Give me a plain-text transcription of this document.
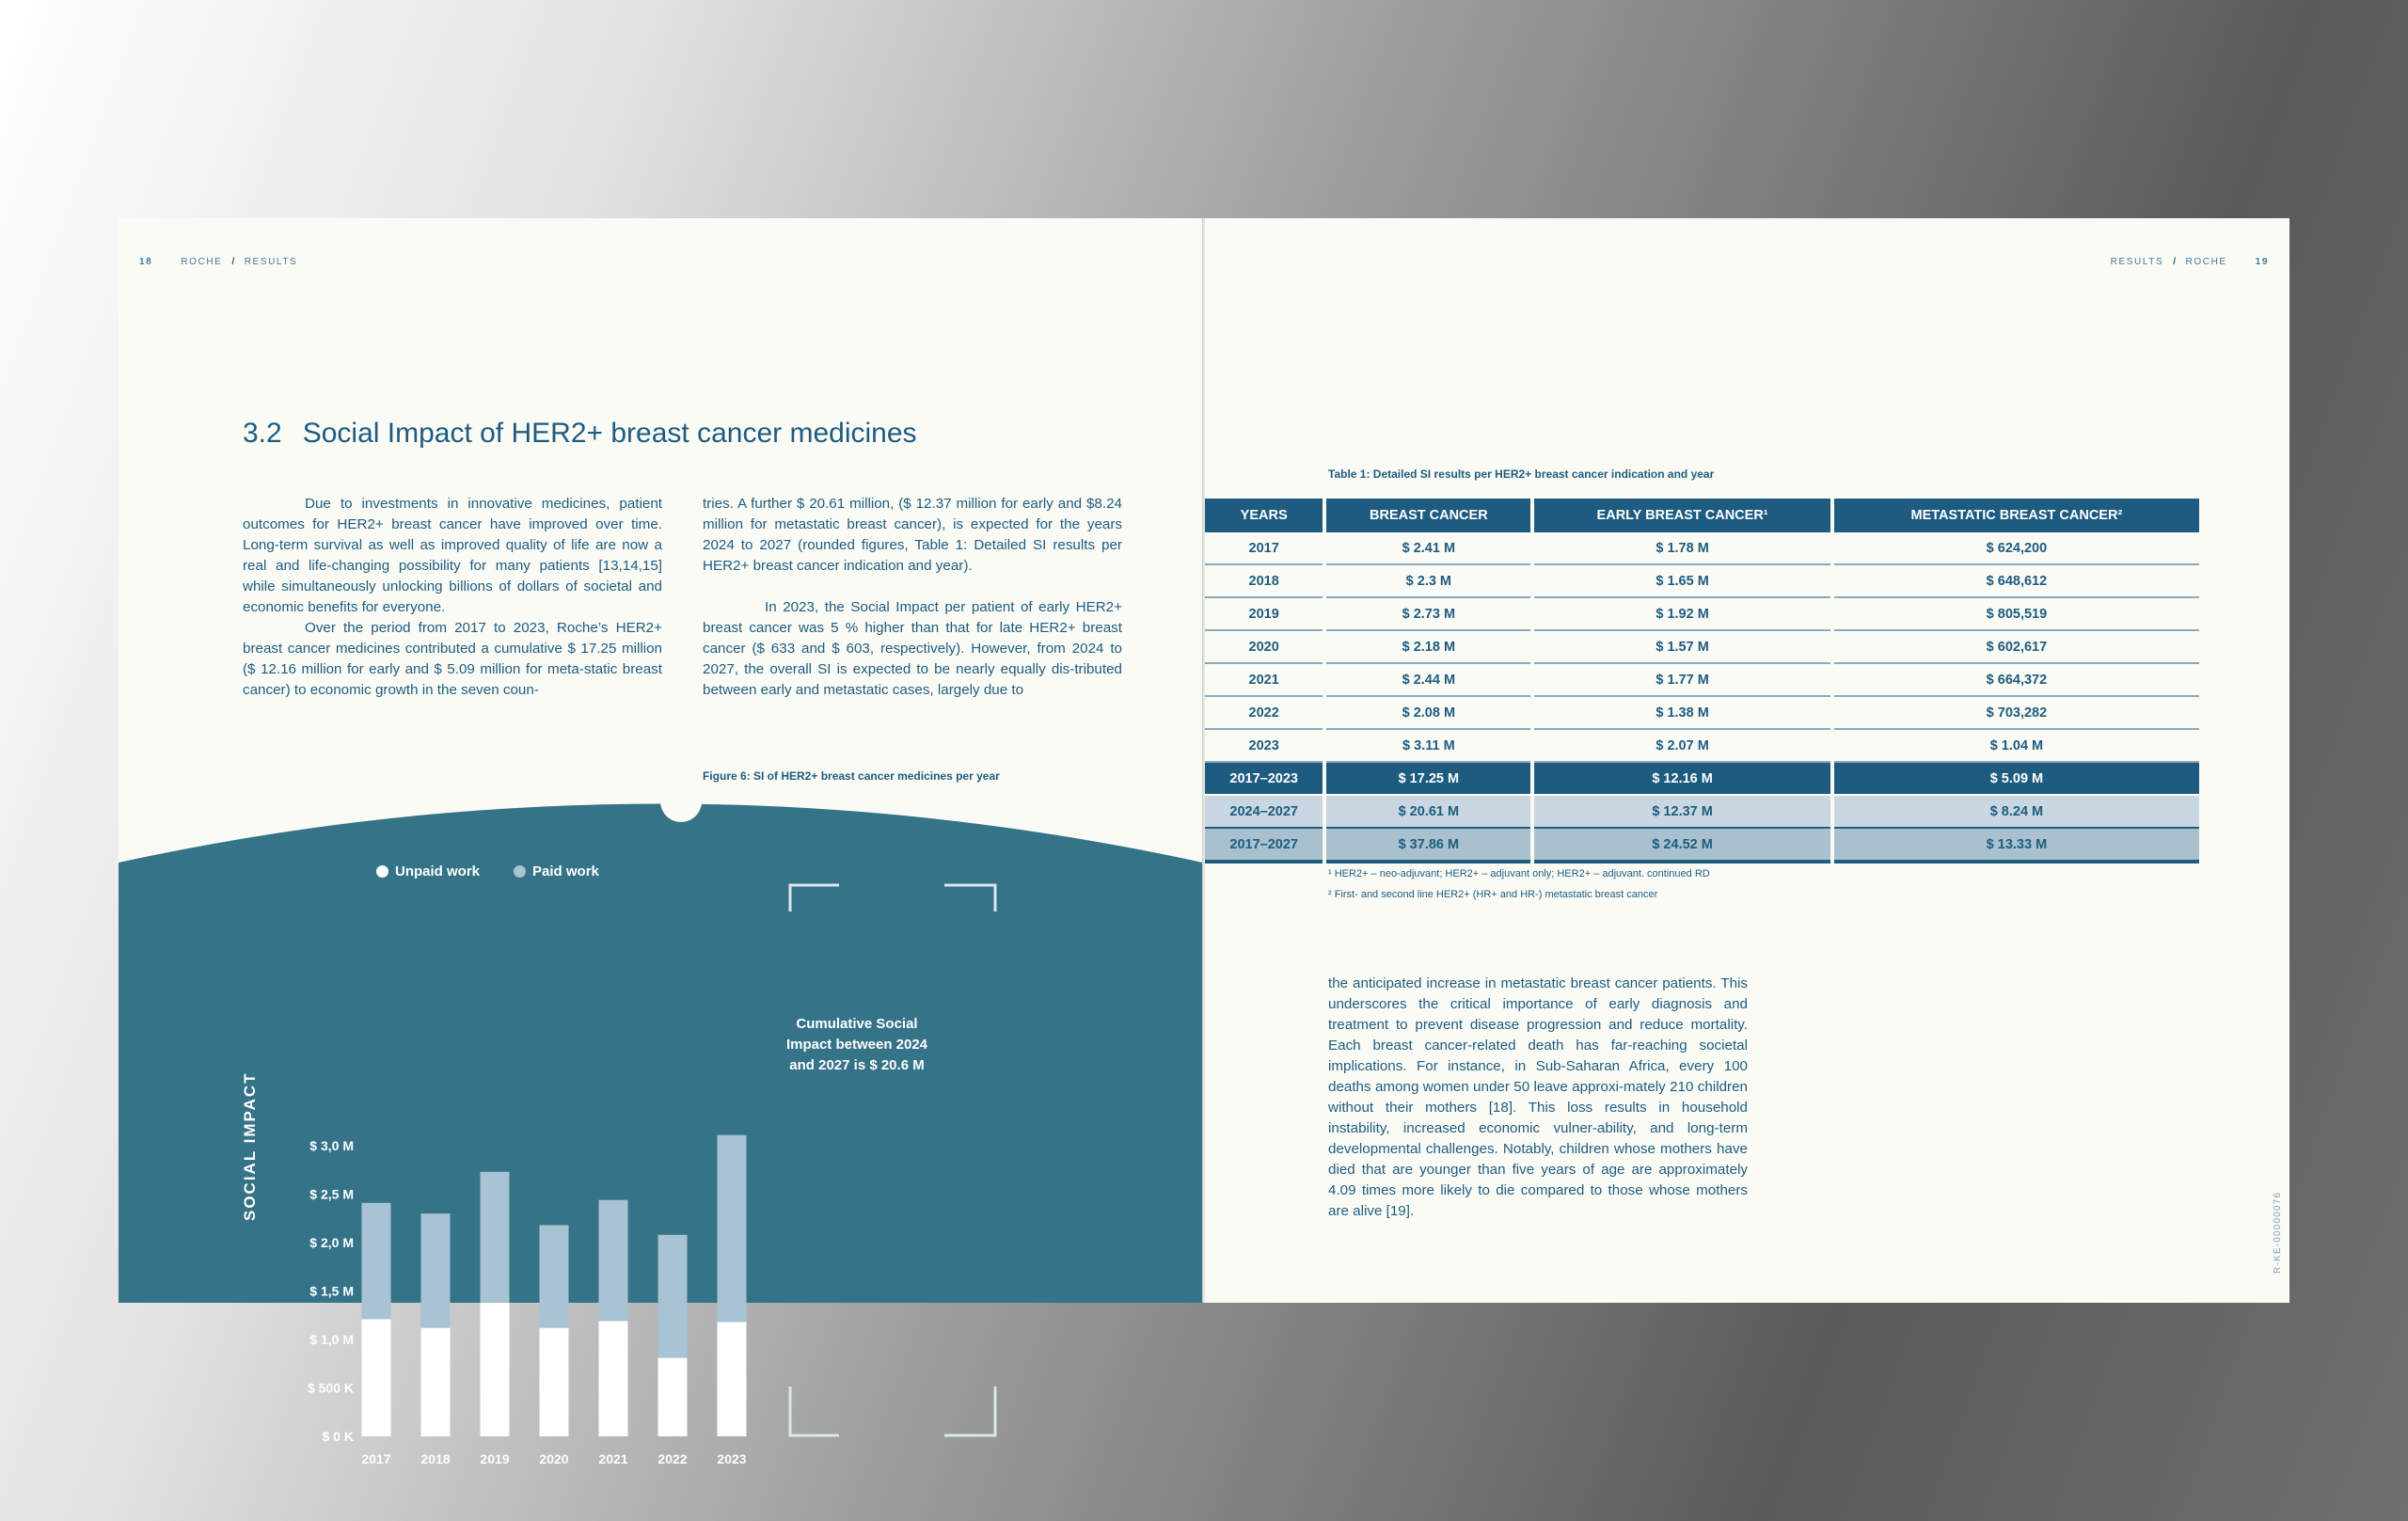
18	ROCHE / RESULTS
3.2 Social Impact of HER2+ breast cancer medicines

Due to investments in innovative medicines, patient outcomes for HER2+ breast cancer have improved over time. Long-term survival as well as improved quality of life are now a real and life-changing possibility for many patients [13,14,15] while simultaneously unlocking billions of dollars of societal and economic benefits for everyone.

Over the period from 2017 to 2023, Roche’s HER2+ breast cancer medicines contributed a cumulative $ 17.25 million ($ 12.16 million for early and $ 5.09 million for meta-static breast cancer) to economic growth in the seven coun-

tries. A further $ 20.61 million, ($ 12.37 million for early and $8.24 million for metastatic breast cancer), is expected for the years 2024 to 2027 (rounded figures, Table 1: Detailed SI results per HER2+ breast cancer indication and year).

In 2023, the Social Impact per patient of early HER2+ breast cancer was 5 % higher than that for late HER2+ breast cancer ($ 633 and $ 603, respectively). However, from 2024 to 2027, the overall SI is expected to be nearly equally dis-tributed between early and metastatic cases, largely due to

Figure 6: SI of HER2+ breast cancer medicines per year
$ 0 K
$ 500 K
$ 1,0 M
$ 1,5 M
$ 2,0 M
$ 2,5 M
$ 3,0 M
2017 2018 2019 2020 2021 2022 2023
Unpaid work	Paid work
SOCIAL IMPACT
Cumulative Social Impact between 2024 and 2027 is $ 20.6 M
RESULTS / ROCHE	19
R-KE-00000076
Table 1: Detailed SI results per HER2+ breast cancer indication and year
YEARS	BREAST CANCER	EARLY BREAST CANCER¹	METASTATIC BREAST CANCER²
2017	$ 2.41 M	$ 1.78 M	$ 624,200
2018	$ 2.3 M	$ 1.65 M	$ 648,612
2019	$ 2.73 M	$ 1.92 M	$ 805,519
2020	$ 2.18 M	$ 1.57 M	$ 602,617
2021	$ 2.44 M	$ 1.77 M	$ 664,372
2022	$ 2.08 M	$ 1.38 M	$ 703,282
2023	$ 3.11 M	$ 2.07 M	$ 1.04 M
2017–2023	$ 17.25 M	$ 12.16 M	$ 5.09 M
2024–2027	$ 20.61 M	$ 12.37 M	$ 8.24 M
2017–2027	$ 37.86 M	$ 24.52 M	$ 13.33 M
¹ HER2+ – neo-adjuvant; HER2+ – adjuvant only; HER2+ – adjuvant. continued RD
² First- and second line HER2+ (HR+ and HR-) metastatic breast cancer

the anticipated increase in metastatic breast cancer patients. This underscores the critical importance of early diagnosis and treatment to prevent disease progression and reduce mortality. Each breast cancer-related death has far-reaching societal implications. For instance, in Sub-Saharan Africa, every 100 deaths among women under 50 leave approxi-mately 210 children without their mothers [18]. This loss results in household instability, increased economic vulner-ability, and long-term developmental challenges. Notably, children whose mothers have died that are younger than five years of age are approximately 4.09 times more likely to die compared to those whose mothers are alive [19].
